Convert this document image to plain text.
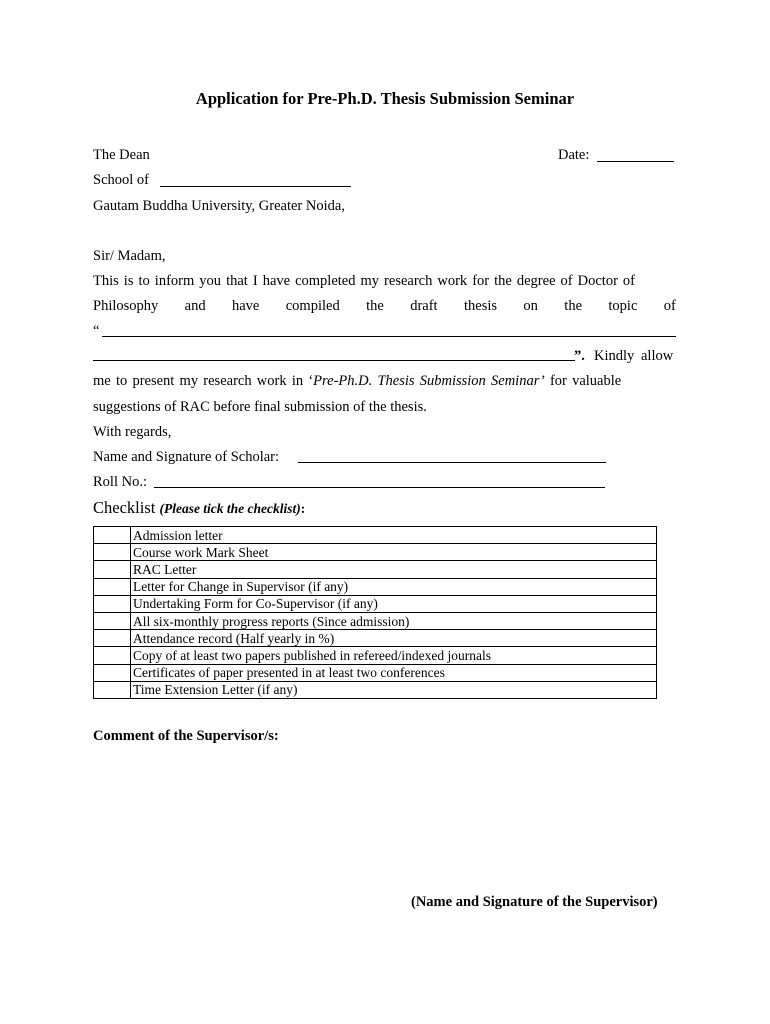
Application for Pre-Ph.D. Thesis Submission Seminar
The Dean	Date:
School of
Gautam Buddha University, Greater Noida,
Sir/ Madam,
This is to inform you that I have completed my research work for the degree of Doctor of
Philosophy and have compiled the draft thesis on the topic of
“
”. Kindly allow
me to present my research work in ‘Pre-Ph.D. Thesis Submission Seminar’ for valuable
suggestions of RAC before final submission of the thesis.
With regards,
Name and Signature of Scholar:
Roll No.:
Checklist (Please tick the checklist):
	Admission letter
	Course work Mark Sheet
	RAC Letter
	Letter for Change in Supervisor (if any)
	Undertaking Form for Co-Supervisor (if any)
	All six-monthly progress reports (Since admission)
	Attendance record (Half yearly in %)
	Copy of at least two papers published in refereed/indexed journals
	Certificates of paper presented in at least two conferences
	Time Extension Letter (if any)
Comment of the Supervisor/s:
(Name and Signature of the Supervisor)
